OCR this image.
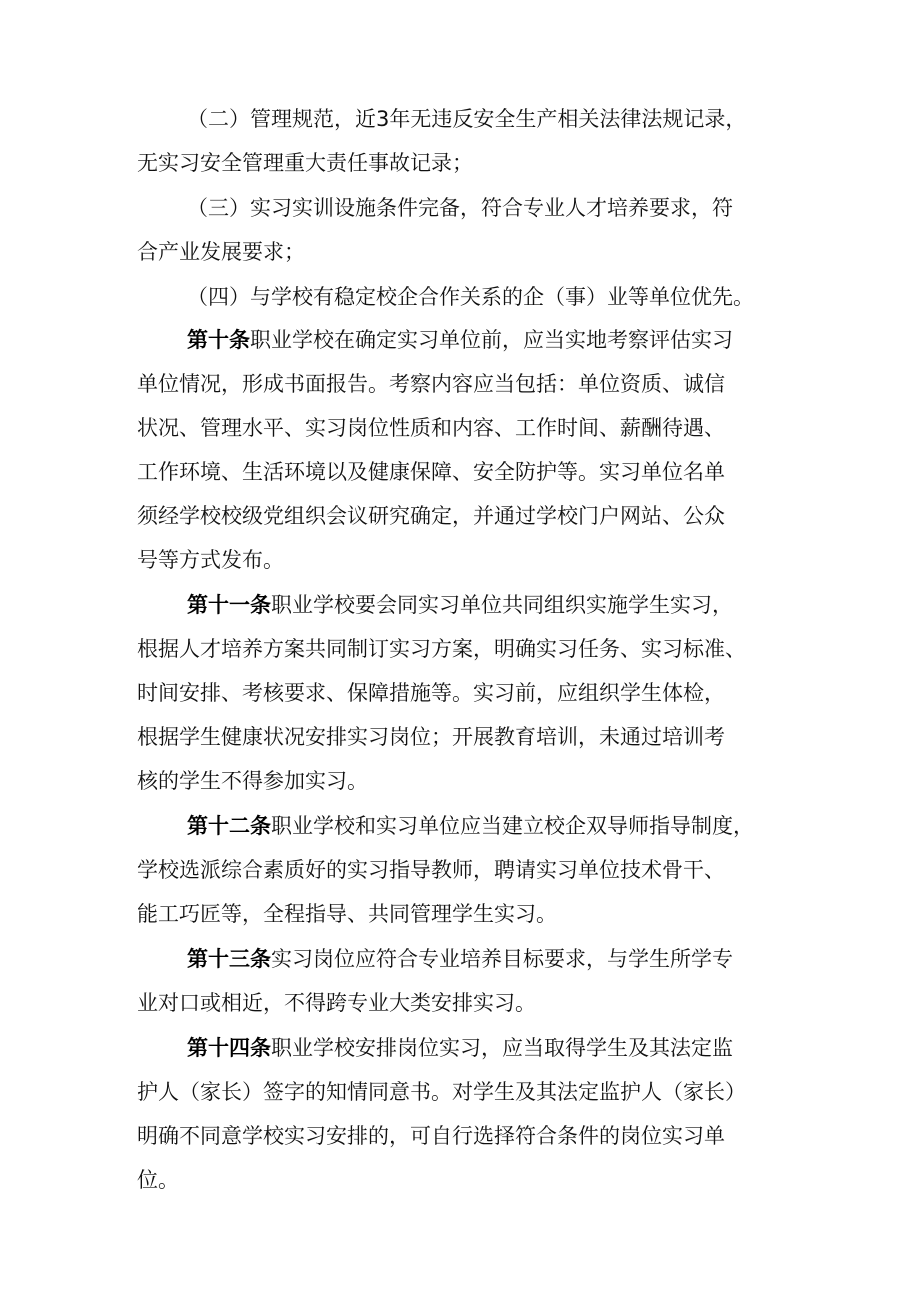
（二）管理规范，近3年无违反安全生产相关法律法规记录，
无实习安全管理重大责任事故记录；
（三）实习实训设施条件完备，符合专业人才培养要求，符
合产业发展要求；
（四）与学校有稳定校企合作关系的企（事）业等单位优先。
第十条职业学校在确定实习单位前，应当实地考察评估实习
单位情况，形成书面报告。考察内容应当包括：单位资质、诚信
状况、管理水平、实习岗位性质和内容、工作时间、薪酬待遇、
工作环境、生活环境以及健康保障、安全防护等。实习单位名单
须经学校校级党组织会议研究确定，并通过学校门户网站、公众
号等方式发布。
第十一条职业学校要会同实习单位共同组织实施学生实习，
根据人才培养方案共同制订实习方案，明确实习任务、实习标准、
时间安排、考核要求、保障措施等。实习前，应组织学生体检，
根据学生健康状况安排实习岗位；开展教育培训，未通过培训考
核的学生不得参加实习。
第十二条职业学校和实习单位应当建立校企双导师指导制度，
学校选派综合素质好的实习指导教师，聘请实习单位技术骨干、
能工巧匠等，全程指导、共同管理学生实习。
第十三条实习岗位应符合专业培养目标要求，与学生所学专
业对口或相近，不得跨专业大类安排实习。
第十四条职业学校安排岗位实习，应当取得学生及其法定监
护人（家长）签字的知情同意书。对学生及其法定监护人（家长）
明确不同意学校实习安排的，可自行选择符合条件的岗位实习单
位。
